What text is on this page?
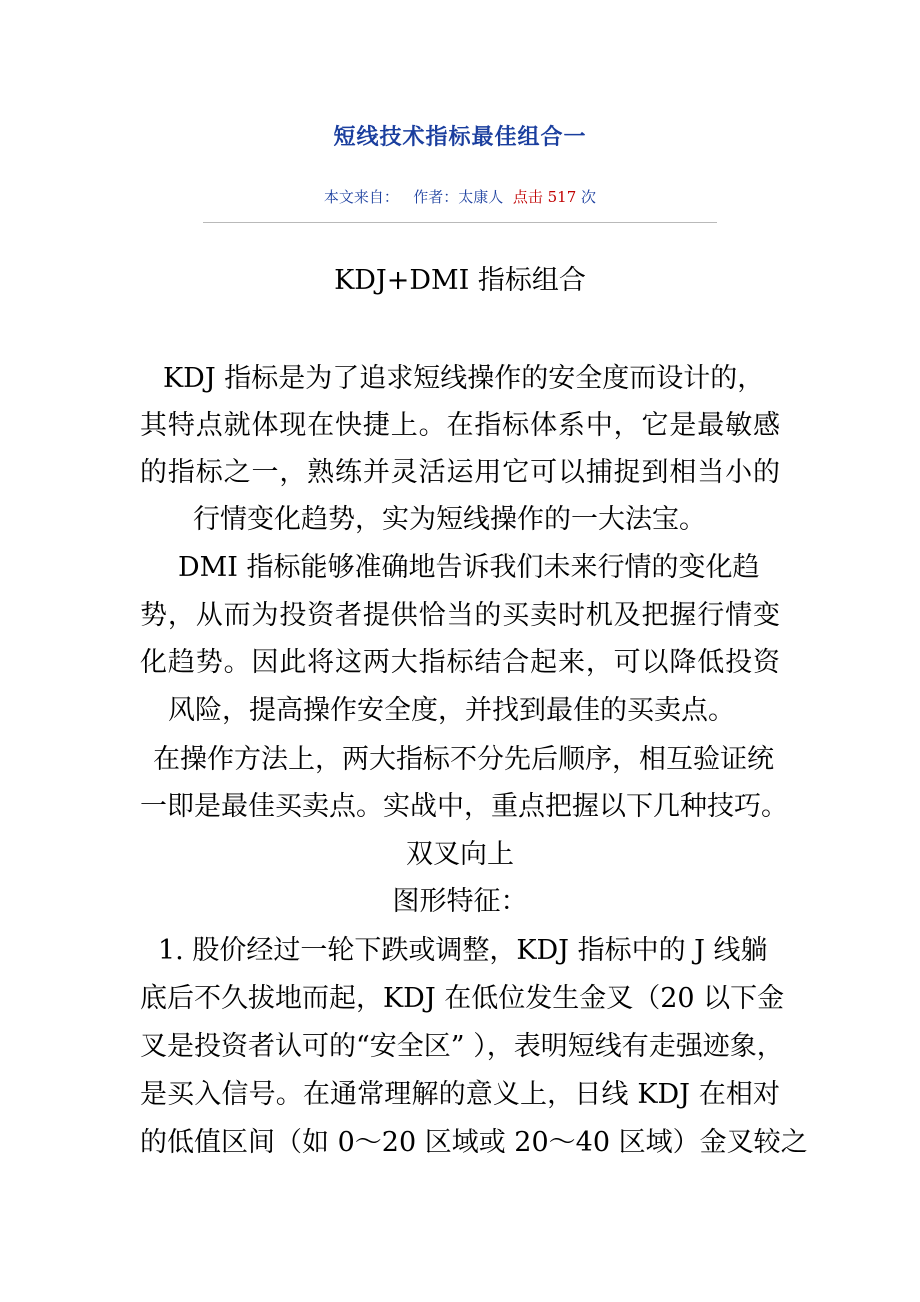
短线技术指标最佳组合一
本文来自： 作者：太康人 点击 517 次
KDJ+DMI 指标组合
KDJ 指标是为了追求短线操作的安全度而设计的，
其特点就体现在快捷上。在指标体系中，它是最敏感
的指标之一，熟练并灵活运用它可以捕捉到相当小的
行情变化趋势，实为短线操作的一大法宝。
DMI 指标能够准确地告诉我们未来行情的变化趋
势，从而为投资者提供恰当的买卖时机及把握行情变
化趋势。因此将这两大指标结合起来，可以降低投资
风险，提高操作安全度，并找到最佳的买卖点。
在操作方法上，两大指标不分先后顺序，相互验证统
一即是最佳买卖点。实战中，重点把握以下几种技巧。
双叉向上
图形特征：
1. 股价经过一轮下跌或调整，KDJ 指标中的 J 线躺
底后不久拔地而起，KDJ 在低位发生金叉（20 以下金
叉是投资者认可的“安全区” ），表明短线有走强迹象，
是买入信号。在通常理解的意义上，日线 KDJ 在相对
的低值区间（如 0～20 区域或 20～40 区域）金叉较之
